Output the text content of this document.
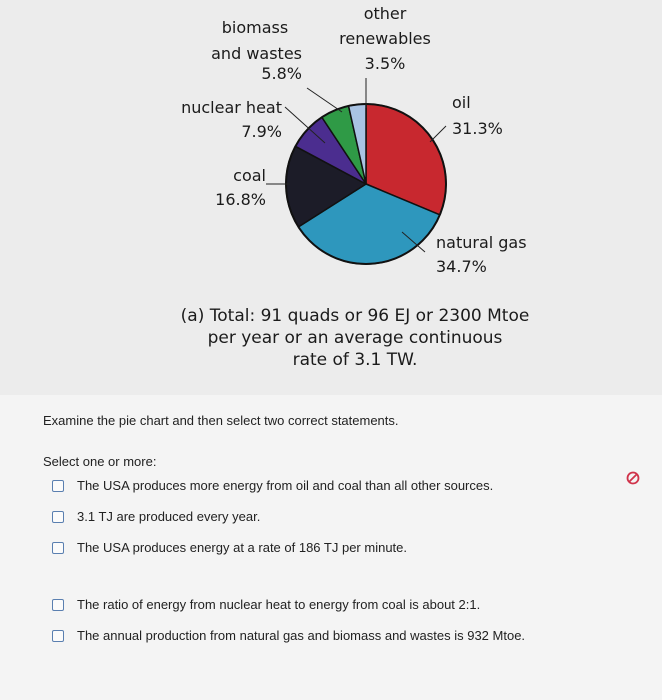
biomass
and wastes
5.8%
other
renewables
3.5%
nuclear heat
7.9%
oil
31.3%
coal
16.8%
natural gas
34.7%
(a) Total: 91 quads or 96 EJ or 2300 Mtoe
per year or an average continuous
rate of 3.1 TW.
Examine the pie chart and then select two correct statements.
Select one or more:
The USA produces more energy from oil and coal than all other sources.
3.1 TJ are produced every year.
The USA produces energy at a rate of 186 TJ per minute.
The ratio of energy from nuclear heat to energy from coal is about 2:1.
The annual production from natural gas and biomass and wastes is 932 Mtoe.
